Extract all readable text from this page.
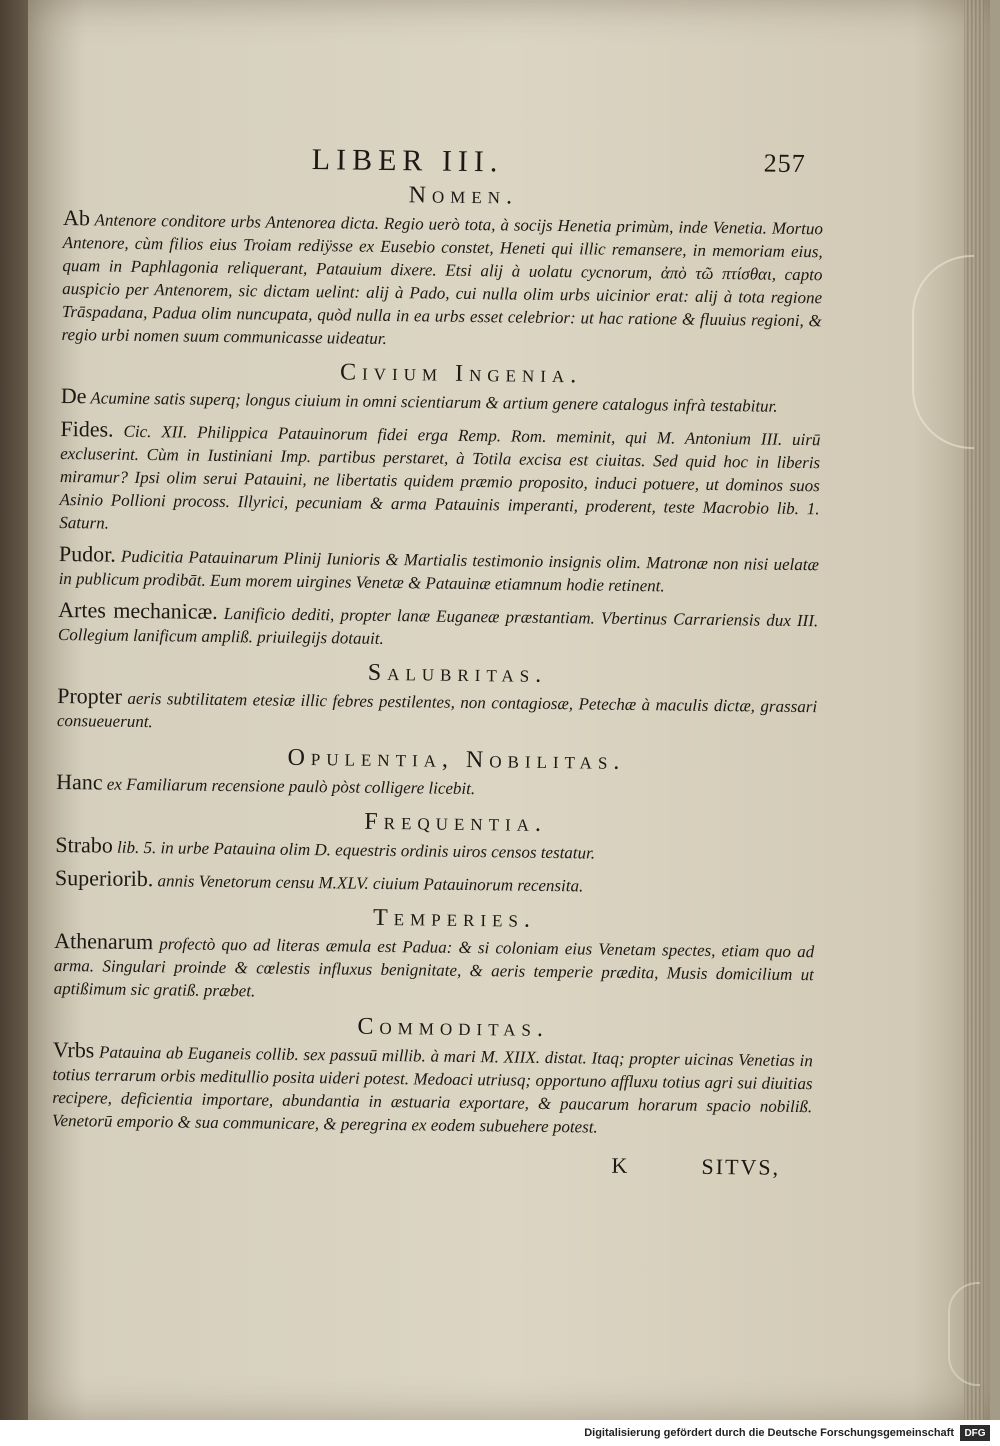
LIBER III.	257
Nomen.

Ab Antenore conditore urbs Antenorea dicta. Regio uerò tota, à socijs Henetia primùm, inde Venetia. Mortuo Antenore, cùm filios eius Troiam rediÿsse ex Eusebio constet, Heneti qui illic remansere, in memoriam eius, quam in Paphlagonia reliquerant, Patauium dixere. Etsi alij à uolatu cycnorum, ἀπὸ τῶ πτίσθαι, capto auspicio per Antenorem, sic dictam uelint: alij à Pado, cui nulla olim urbs uicinior erat: alij à tota regione Trāspadana, Padua olim nuncupata, quòd nulla in ea urbs esset celebrior: ut hac ratione & fluuius regioni, & regio urbi nomen suum communicasse uideatur.

Civium Ingenia.

De Acumine satis superq; longus ciuium in omni scientiarum & artium genere catalogus infrà testabitur.

Fides. Cic. XII. Philippica Patauinorum fidei erga Remp. Rom. meminit, qui M. Antonium III. uirū excluserint. Cùm in Iustiniani Imp. partibus perstaret, à Totila excisa est ciuitas. Sed quid hoc in liberis miramur? Ipsi olim serui Patauini, ne libertatis quidem præmio proposito, induci potuere, ut dominos suos Asinio Pollioni procoss. Illyrici, pecuniam & arma Patauinis imperanti, proderent, teste Macrobio lib. 1. Saturn.

Pudor. Pudicitia Patauinarum Plinij Iunioris & Martialis testimonio insignis olim. Matronæ non nisi uelatæ in publicum prodibāt. Eum morem uirgines Venetæ & Patauinæ etiamnum hodie retinent.

Artes mechanicæ. Lanificio dediti, propter lanæ Euganeæ præstantiam. Vbertinus Carrariensis dux III. Collegium lanificum ampliß. priuilegijs dotauit.

Salubritas.

Propter aeris subtilitatem etesiæ illic febres pestilentes, non contagiosæ, Petechæ à maculis dictæ, grassari consueuerunt.

Opulentia, Nobilitas.

Hanc ex Familiarum recensione paulò pòst colligere licebit.

Frequentia.

Strabo lib. 5. in urbe Patauina olim D. equestris ordinis uiros censos testatur.

Superiorib. annis Venetorum censu M.XLV. ciuium Patauinorum recensita.

Temperies.

Athenarum profectò quo ad literas æmula est Padua: & si coloniam eius Venetam spectes, etiam quo ad arma. Singulari proinde & cœlestis influxus benignitate, & aeris temperie prædita, Musis domicilium ut aptißimum sic gratiß. præbet.

Commoditas.

Vrbs Patauina ab Euganeis collib. sex passuū millib. à mari M. XIIX. distat. Itaq; propter uicinas Venetias in totius terrarum orbis meditullio posita uideri potest. Medoaci utriusq; opportuno affluxu totius agri sui diuitias recipere, deficientia importare, abundantia in æstuaria exportare, & paucarum horarum spacio nobiliß. Venetorū emporio & sua communicare, & peregrina ex eodem subuehere potest.

K	SITVS,
Digitalisierung gefördert durch die Deutsche Forschungsgemeinschaft	DFG
